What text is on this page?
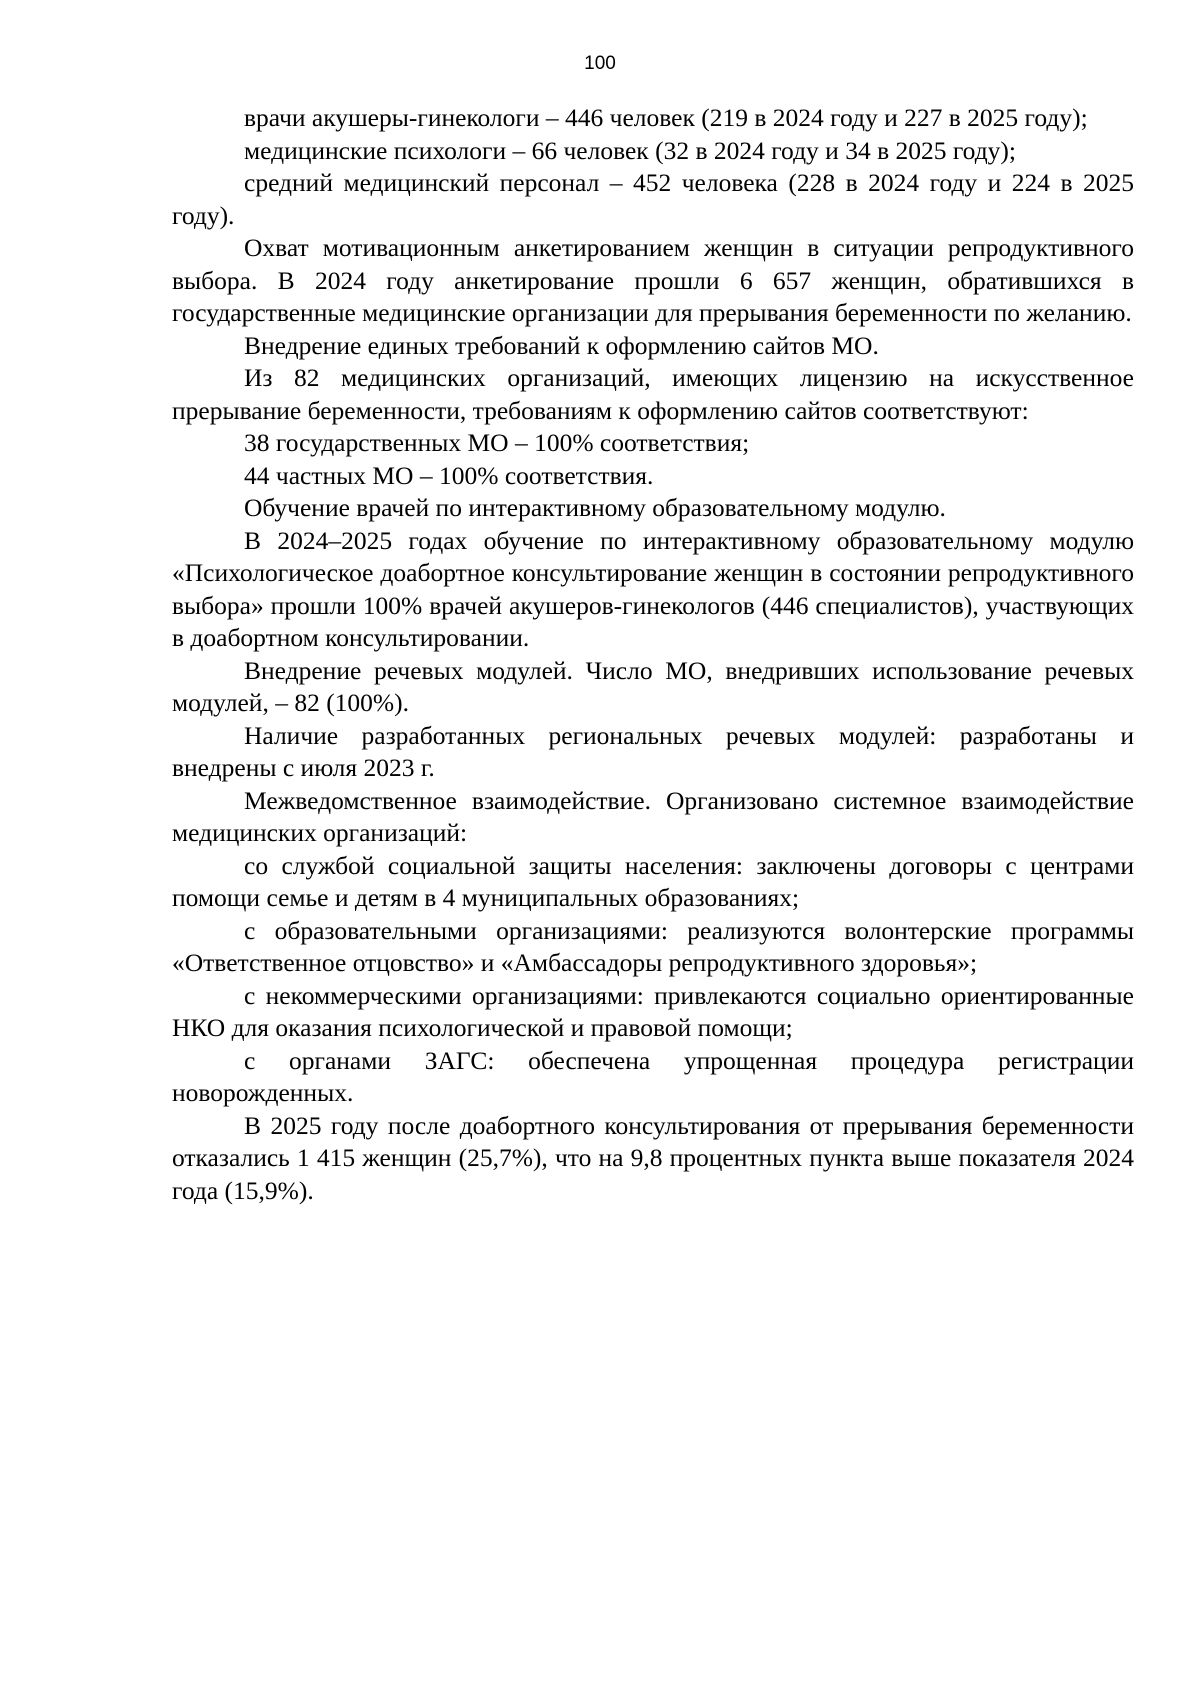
100

врачи акушеры-гинекологи – 446 человек (219 в 2024 году и 227 в 2025 году);

медицинские психологи – 66 человек (32 в 2024 году и 34 в 2025 году);

средний медицинский персонал – 452 человека (228 в 2024 году и 224 в 2025 году).

Охват мотивационным анкетированием женщин в ситуации репродуктивного выбора. В 2024 году анкетирование прошли 6 657 женщин, обратившихся в государственные медицинские организации для прерывания беременности по желанию.

Внедрение единых требований к оформлению сайтов МО.

Из 82 медицинских организаций, имеющих лицензию на искусственное прерывание беременности, требованиям к оформлению сайтов соответствуют:

38 государственных МО – 100% соответствия;

44 частных МО – 100% соответствия.

Обучение врачей по интерактивному образовательному модулю.

В 2024–2025 годах обучение по интерактивному образовательному модулю «Психологическое доабортное консультирование женщин в состоянии репродуктивного выбора» прошли 100% врачей акушеров-гинекологов (446 специалистов), участвующих в доабортном консультировании.

Внедрение речевых модулей. Число МО, внедривших использование речевых модулей, – 82 (100%).

Наличие разработанных региональных речевых модулей: разработаны и внедрены с июля 2023 г.

Межведомственное взаимодействие. Организовано системное взаимодействие медицинских организаций:

со службой социальной защиты населения: заключены договоры с центрами помощи семье и детям в 4 муниципальных образованиях;

с образовательными организациями: реализуются волонтерские программы «Ответственное отцовство» и «Амбассадоры репродуктивного здоровья»;

с некоммерческими организациями: привлекаются социально ориентированные НКО для оказания психологической и правовой помощи;

с органами ЗАГС: обеспечена упрощенная процедура регистрации новорожденных.

В 2025 году после доабортного консультирования от прерывания беременности отказались 1 415 женщин (25,7%), что на 9,8 процентных пункта выше показателя 2024 года (15,9%).
